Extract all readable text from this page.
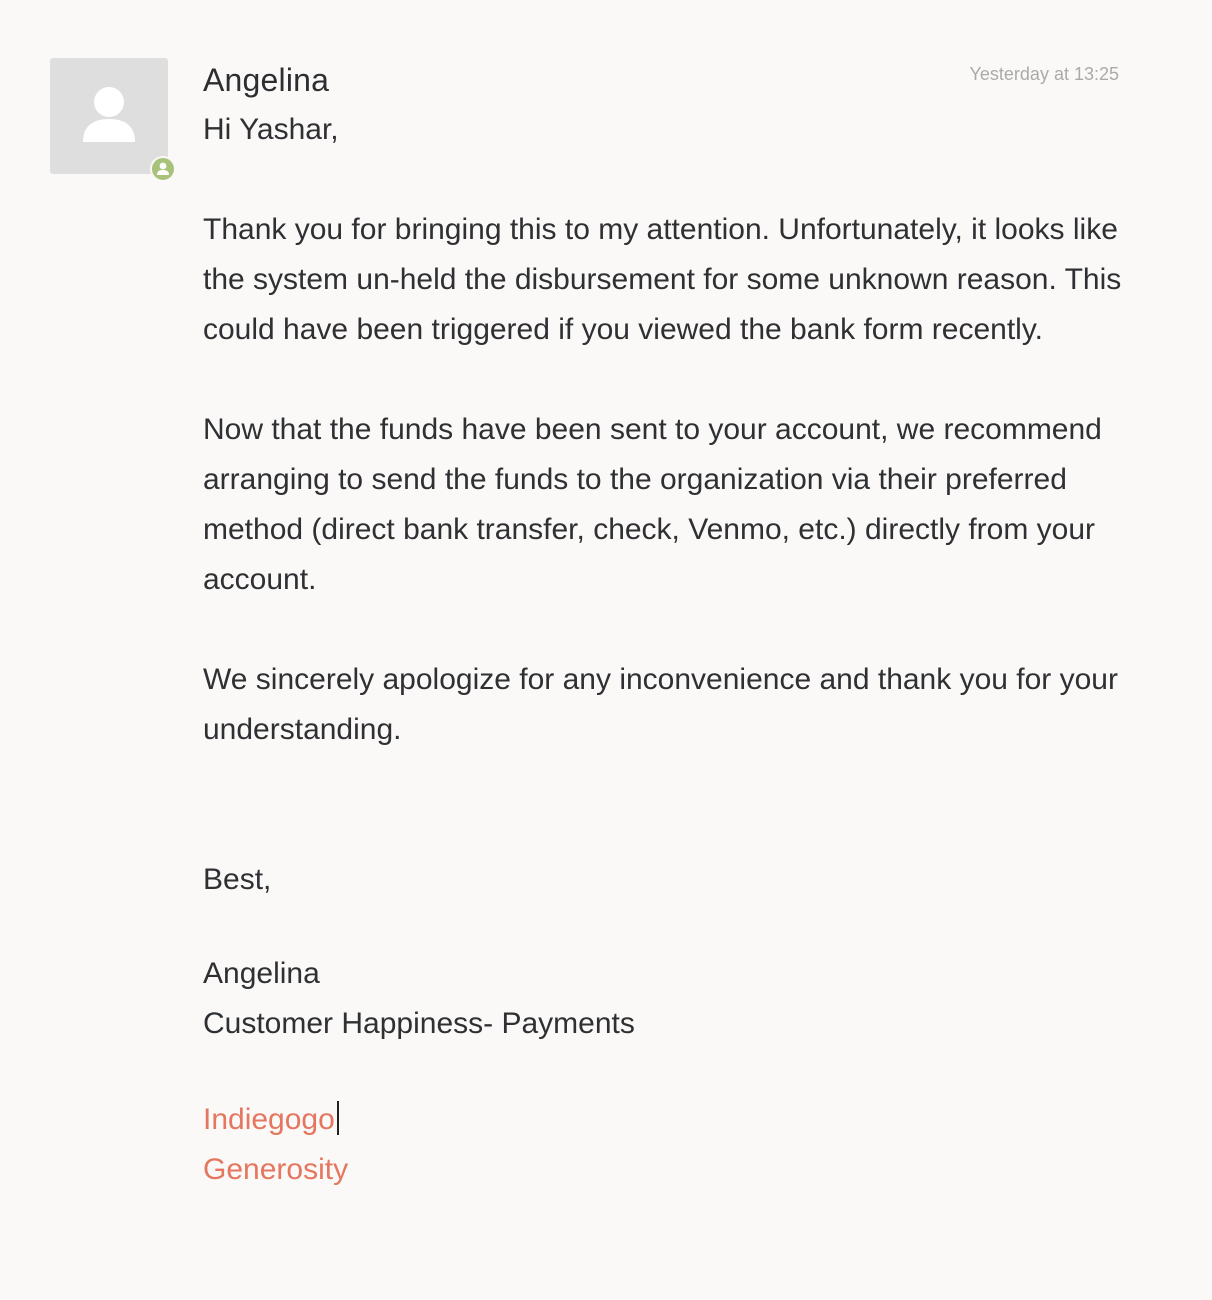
Angelina	Yesterday at 13:25

Hi Yashar,

Thank you for bringing this to my attention. Unfortunately, it looks like the system un-held the disbursement for some unknown reason. This could have been triggered if you viewed the bank form recently.

Now that the funds have been sent to your account, we recommend arranging to send the funds to the organization via their preferred method (direct bank transfer, check, Venmo, etc.) directly from your account.

We sincerely apologize for any inconvenience and thank you for your understanding.

Best,

Angelina

Customer Happiness- Payments

Indiegogo

Generosity
